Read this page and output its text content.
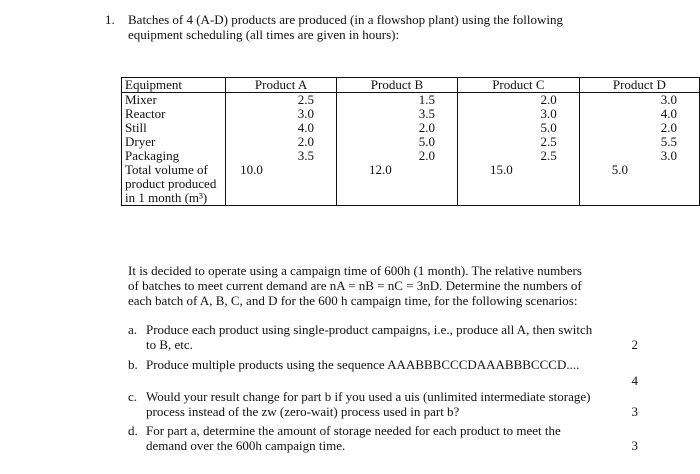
1. Batches of 4 (A-D) products are produced (in a flowshop plant) using the following
equipment scheduling (all times are given in hours):
Equipment	Product A	Product B	Product C	Product D
Mixer	2.5	1.5	2.0	3.0
Reactor	3.0	3.5	3.0	4.0
Still	4.0	2.0	5.0	2.0
Dryer	2.0	5.0	2.5	5.5
Packaging	3.5	2.0	2.5	3.0

Total volume of
product produced
in 1 month (m³)	10.0	12.0	15.0	5.0
It is decided to operate using a campaign time of 600h (1 month). The relative numbers
of batches to meet current demand are nA = nB = nC = 3nD. Determine the numbers of
each batch of A, B, C, and D for the 600 h campaign time, for the following scenarios:
a. Produce each product using single-product campaigns, i.e., produce all A, then switch
to B, etc.	2
b. Produce multiple products using the sequence AAABBBCCCDAAABBBCCCD....
4
c. Would your result change for part b if you used a uis (unlimited intermediate storage)
process instead of the zw (zero-wait) process used in part b?	3
d. For part a, determine the amount of storage needed for each product to meet the
demand over the 600h campaign time.	3
